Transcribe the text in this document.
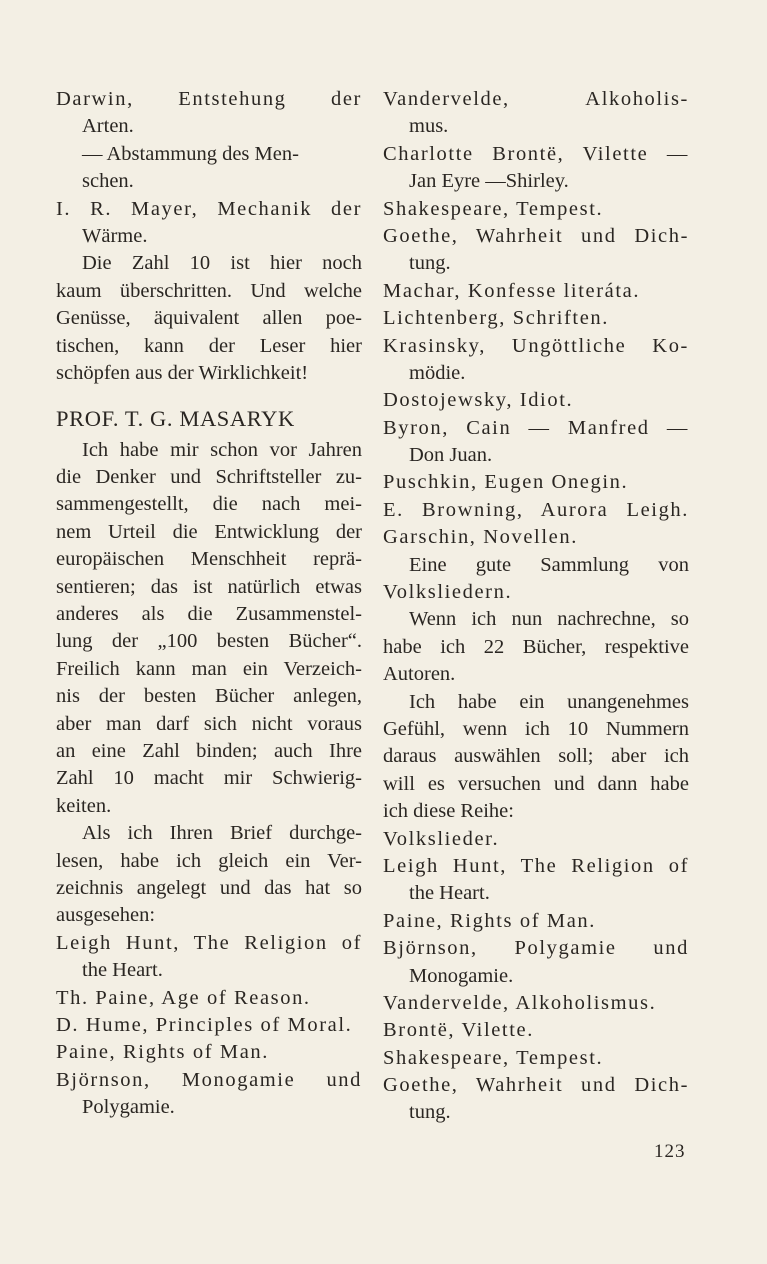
Darwin, Entstehung der
Arten.
— Abstammung des Men-
schen.
I. R. Mayer, Mechanik der
Wärme.
Die Zahl 10 ist hier noch
kaum überschritten. Und welche
Genüsse, äquivalent allen poe-
tischen, kann der Leser hier
schöpfen aus der Wirklichkeit!
PROF. T. G. MASARYK
Ich habe mir schon vor Jahren
die Denker und Schriftsteller zu-
sammengestellt, die nach mei-
nem Urteil die Entwicklung der
europäischen Menschheit reprä-
sentieren; das ist natürlich etwas
anderes als die Zusammenstel-
lung der „100 besten Bücher“.
Freilich kann man ein Verzeich-
nis der besten Bücher anlegen,
aber man darf sich nicht voraus
an eine Zahl binden; auch Ihre
Zahl 10 macht mir Schwierig-
keiten.
Als ich Ihren Brief durchge-
lesen, habe ich gleich ein Ver-
zeichnis angelegt und das hat so
ausgesehen:
Leigh Hunt, The Religion of
the Heart.
Th. Paine, Age of Reason.
D. Hume, Principles of Moral.
Paine, Rights of Man.
Björnson, Monogamie und
Polygamie.
Vandervelde, Alkoholis-
mus.
Charlotte Brontë, Vilette —
Jan Eyre —Shirley.
Shakespeare, Tempest.
Goethe, Wahrheit und Dich-
tung.
Machar, Konfesse literáta.
Lichtenberg, Schriften.
Krasinsky, Ungöttliche Ko-
mödie.
Dostojewsky, Idiot.
Byron, Cain — Manfred —
Don Juan.
Puschkin, Eugen Onegin.
E. Browning, Aurora Leigh.
Garschin, Novellen.
Eine gute Sammlung von
Volksliedern.
Wenn ich nun nachrechne, so
habe ich 22 Bücher, respektive
Autoren.
Ich habe ein unangenehmes
Gefühl, wenn ich 10 Nummern
daraus auswählen soll; aber ich
will es versuchen und dann habe
ich diese Reihe:
Volkslieder.
Leigh Hunt, The Religion of
the Heart.
Paine, Rights of Man.
Björnson, Polygamie und
Monogamie.
Vandervelde, Alkoholismus.
Brontë, Vilette.
Shakespeare, Tempest.
Goethe, Wahrheit und Dich-
tung.
123
